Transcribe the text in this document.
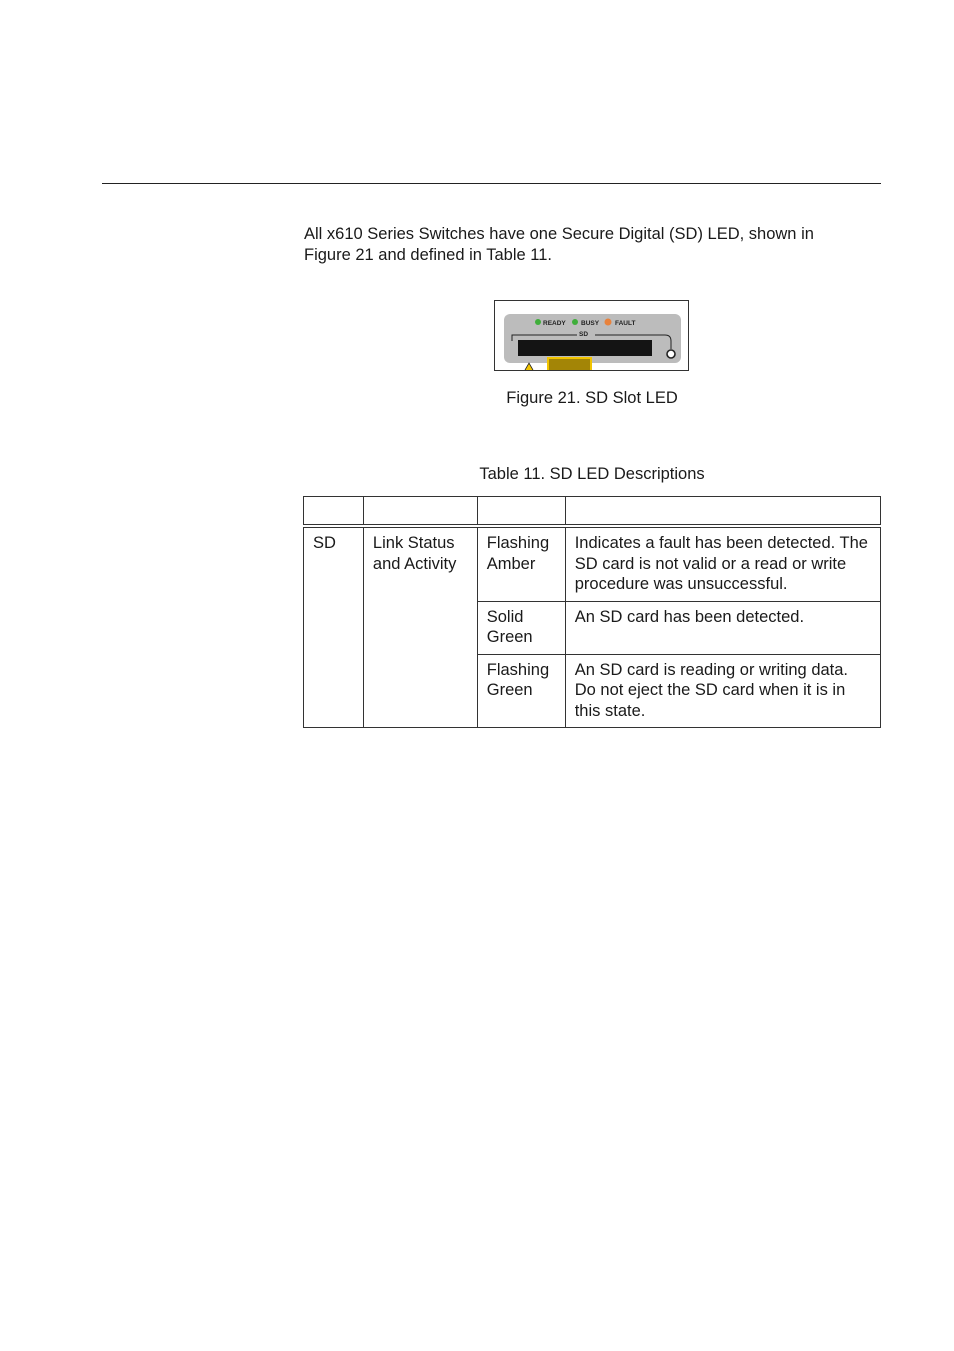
All x610 Series Switches have one Secure Digital (SD) LED, shown in Figure 21 and defined in Table 11.

READY BUSY FAULT
SD

Figure 21. SD Slot LED

Table 11. SD LED Descriptions

SD	Link Status and Activity	Flashing Amber	Indicates a fault has been detected. The SD card is not valid or a read or write procedure was unsuccessful.
		Solid Green	An SD card has been detected.
		Flashing Green	An SD card is reading or writing data. Do not eject the SD card when it is in this state.
